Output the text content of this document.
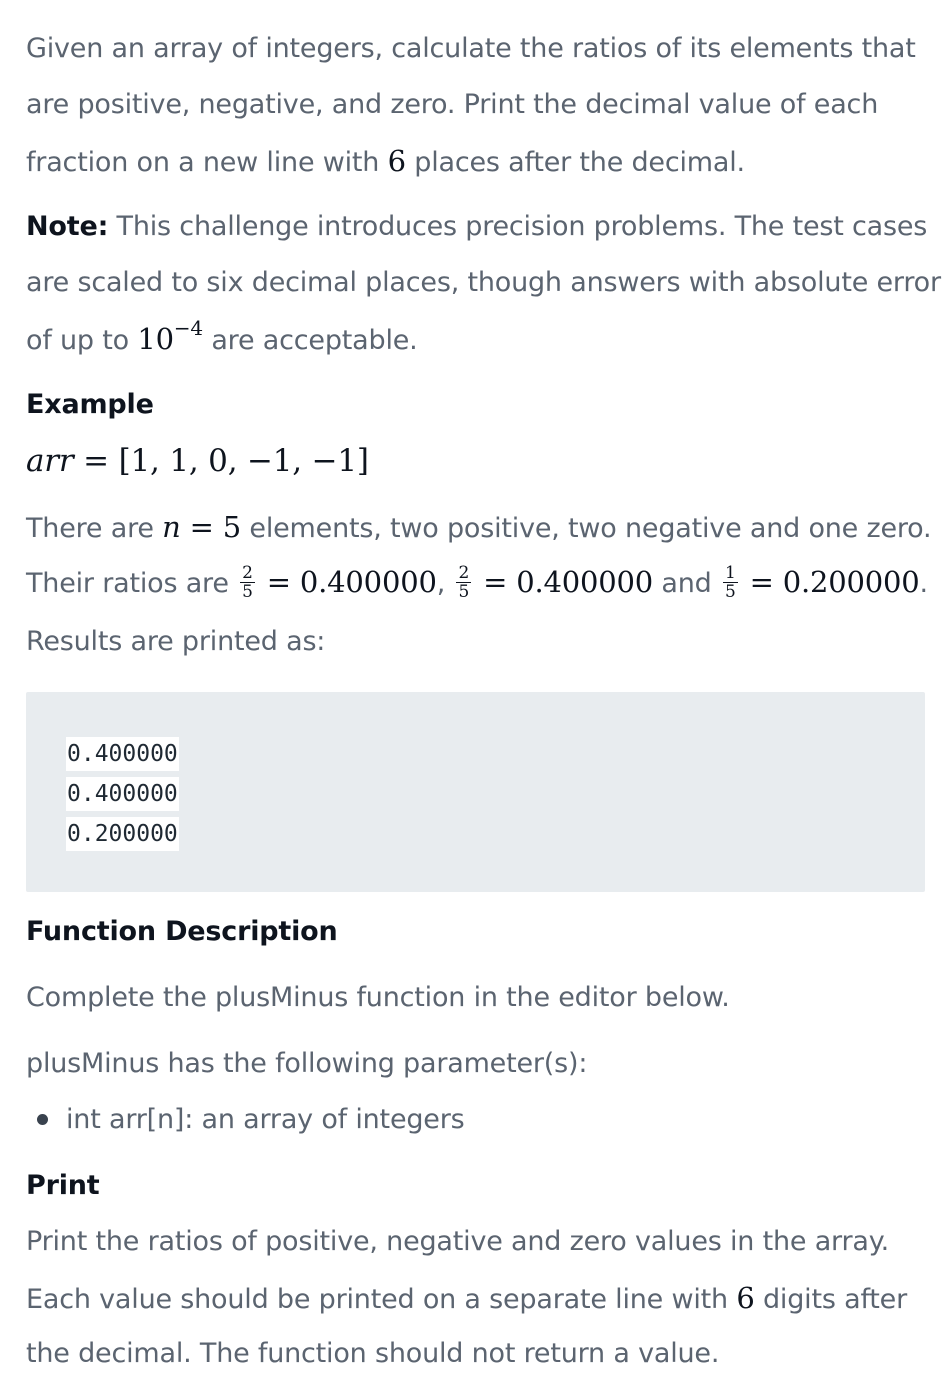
Given an array of integers, calculate the ratios of its elements that
are positive, negative, and zero. Print the decimal value of each
fraction on a new line with 6 places after the decimal.
Note: This challenge introduces precision problems. The test cases
are scaled to six decimal places, though answers with absolute error
of up to $10^{-4}$ are acceptable.
Example
arr = [1, 1, 0, −1, −1]
There are n = 5 elements, two positive, two negative and one zero.
Their ratios are $\frac{2}{5} = 0.400000$, $\frac{2}{5} = 0.400000$ and $\frac{1}{5} = 0.200000$.
Results are printed as:
0.400000
0.400000
0.200000
Function Description
Complete the plusMinus function in the editor below.
plusMinus has the following parameter(s):
int arr[n]: an array of integers
Print
Print the ratios of positive, negative and zero values in the array.
Each value should be printed on a separate line with 6 digits after
the decimal. The function should not return a value.
